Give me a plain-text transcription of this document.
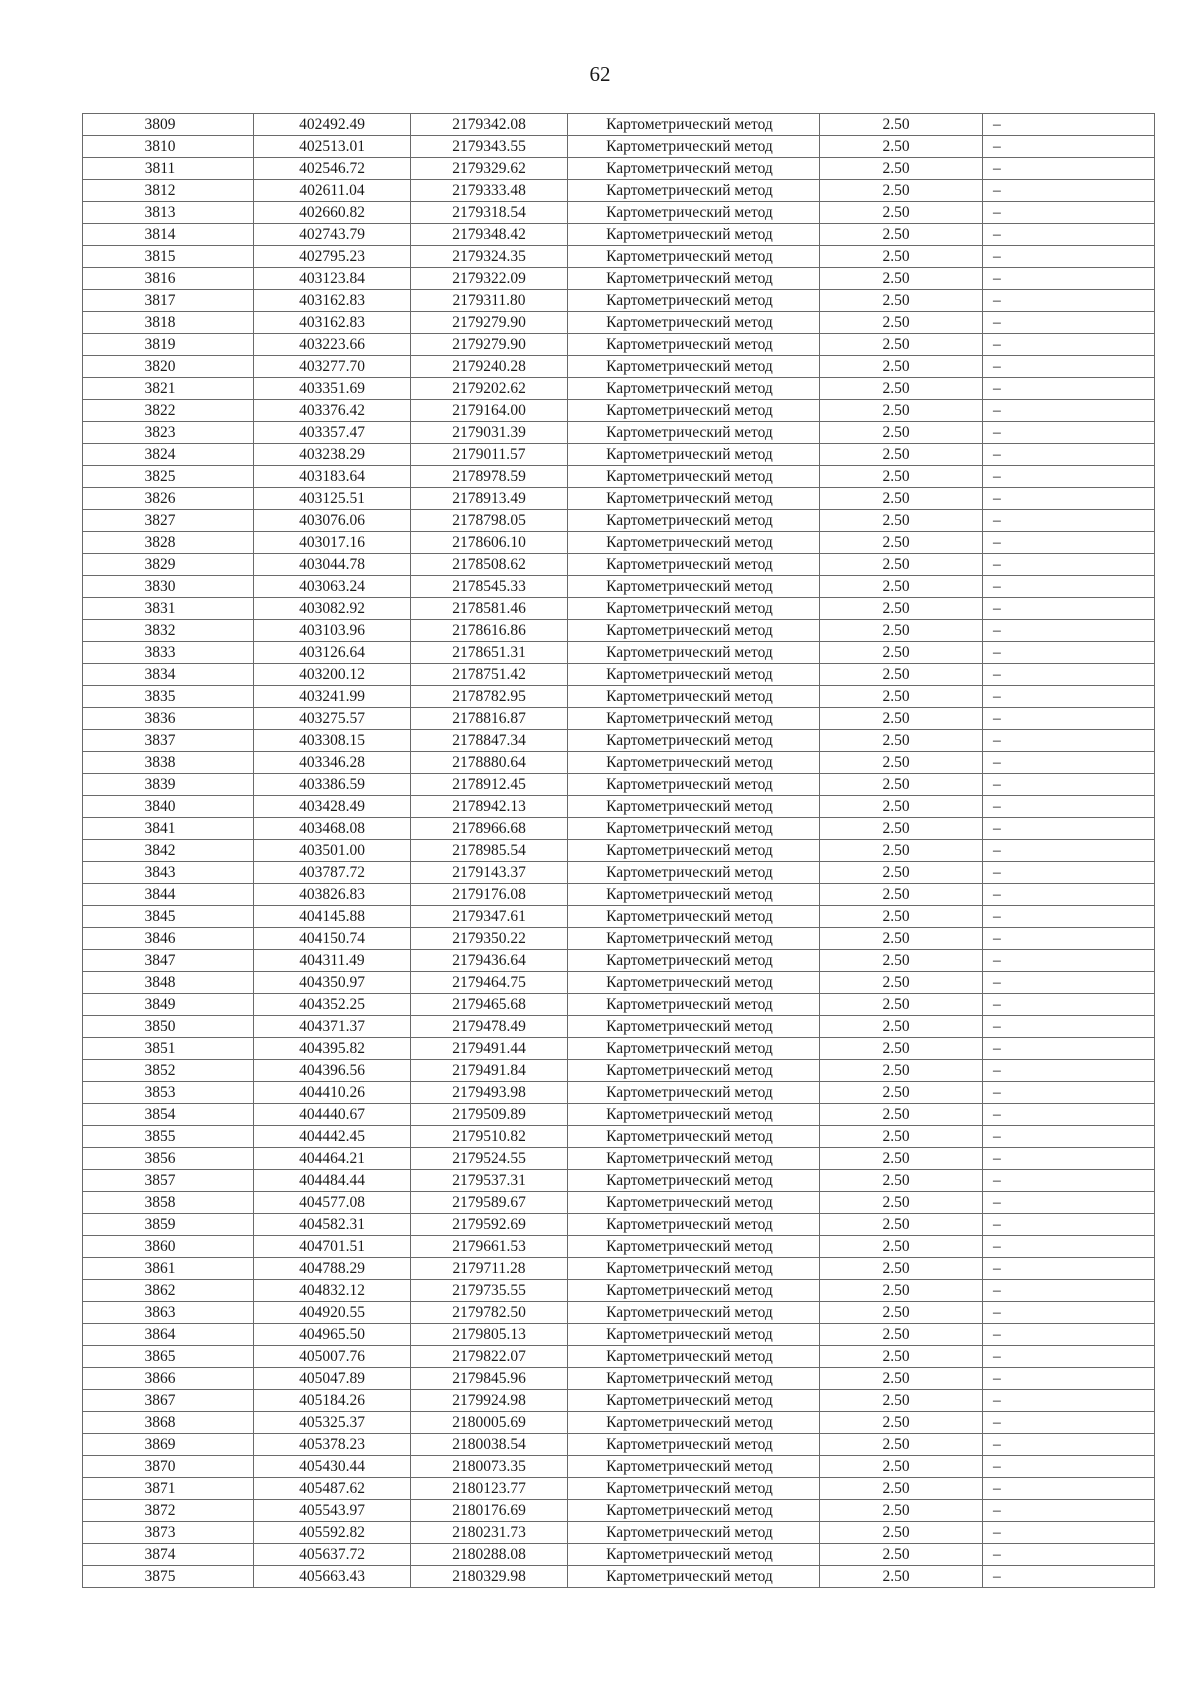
62
3809	402492.49	2179342.08	Картометрический метод	2.50	–
3810	402513.01	2179343.55	Картометрический метод	2.50	–
3811	402546.72	2179329.62	Картометрический метод	2.50	–
3812	402611.04	2179333.48	Картометрический метод	2.50	–
3813	402660.82	2179318.54	Картометрический метод	2.50	–
3814	402743.79	2179348.42	Картометрический метод	2.50	–
3815	402795.23	2179324.35	Картометрический метод	2.50	–
3816	403123.84	2179322.09	Картометрический метод	2.50	–
3817	403162.83	2179311.80	Картометрический метод	2.50	–
3818	403162.83	2179279.90	Картометрический метод	2.50	–
3819	403223.66	2179279.90	Картометрический метод	2.50	–
3820	403277.70	2179240.28	Картометрический метод	2.50	–
3821	403351.69	2179202.62	Картометрический метод	2.50	–
3822	403376.42	2179164.00	Картометрический метод	2.50	–
3823	403357.47	2179031.39	Картометрический метод	2.50	–
3824	403238.29	2179011.57	Картометрический метод	2.50	–
3825	403183.64	2178978.59	Картометрический метод	2.50	–
3826	403125.51	2178913.49	Картометрический метод	2.50	–
3827	403076.06	2178798.05	Картометрический метод	2.50	–
3828	403017.16	2178606.10	Картометрический метод	2.50	–
3829	403044.78	2178508.62	Картометрический метод	2.50	–
3830	403063.24	2178545.33	Картометрический метод	2.50	–
3831	403082.92	2178581.46	Картометрический метод	2.50	–
3832	403103.96	2178616.86	Картометрический метод	2.50	–
3833	403126.64	2178651.31	Картометрический метод	2.50	–
3834	403200.12	2178751.42	Картометрический метод	2.50	–
3835	403241.99	2178782.95	Картометрический метод	2.50	–
3836	403275.57	2178816.87	Картометрический метод	2.50	–
3837	403308.15	2178847.34	Картометрический метод	2.50	–
3838	403346.28	2178880.64	Картометрический метод	2.50	–
3839	403386.59	2178912.45	Картометрический метод	2.50	–
3840	403428.49	2178942.13	Картометрический метод	2.50	–
3841	403468.08	2178966.68	Картометрический метод	2.50	–
3842	403501.00	2178985.54	Картометрический метод	2.50	–
3843	403787.72	2179143.37	Картометрический метод	2.50	–
3844	403826.83	2179176.08	Картометрический метод	2.50	–
3845	404145.88	2179347.61	Картометрический метод	2.50	–
3846	404150.74	2179350.22	Картометрический метод	2.50	–
3847	404311.49	2179436.64	Картометрический метод	2.50	–
3848	404350.97	2179464.75	Картометрический метод	2.50	–
3849	404352.25	2179465.68	Картометрический метод	2.50	–
3850	404371.37	2179478.49	Картометрический метод	2.50	–
3851	404395.82	2179491.44	Картометрический метод	2.50	–
3852	404396.56	2179491.84	Картометрический метод	2.50	–
3853	404410.26	2179493.98	Картометрический метод	2.50	–
3854	404440.67	2179509.89	Картометрический метод	2.50	–
3855	404442.45	2179510.82	Картометрический метод	2.50	–
3856	404464.21	2179524.55	Картометрический метод	2.50	–
3857	404484.44	2179537.31	Картометрический метод	2.50	–
3858	404577.08	2179589.67	Картометрический метод	2.50	–
3859	404582.31	2179592.69	Картометрический метод	2.50	–
3860	404701.51	2179661.53	Картометрический метод	2.50	–
3861	404788.29	2179711.28	Картометрический метод	2.50	–
3862	404832.12	2179735.55	Картометрический метод	2.50	–
3863	404920.55	2179782.50	Картометрический метод	2.50	–
3864	404965.50	2179805.13	Картометрический метод	2.50	–
3865	405007.76	2179822.07	Картометрический метод	2.50	–
3866	405047.89	2179845.96	Картометрический метод	2.50	–
3867	405184.26	2179924.98	Картометрический метод	2.50	–
3868	405325.37	2180005.69	Картометрический метод	2.50	–
3869	405378.23	2180038.54	Картометрический метод	2.50	–
3870	405430.44	2180073.35	Картометрический метод	2.50	–
3871	405487.62	2180123.77	Картометрический метод	2.50	–
3872	405543.97	2180176.69	Картометрический метод	2.50	–
3873	405592.82	2180231.73	Картометрический метод	2.50	–
3874	405637.72	2180288.08	Картометрический метод	2.50	–
3875	405663.43	2180329.98	Картометрический метод	2.50	–
